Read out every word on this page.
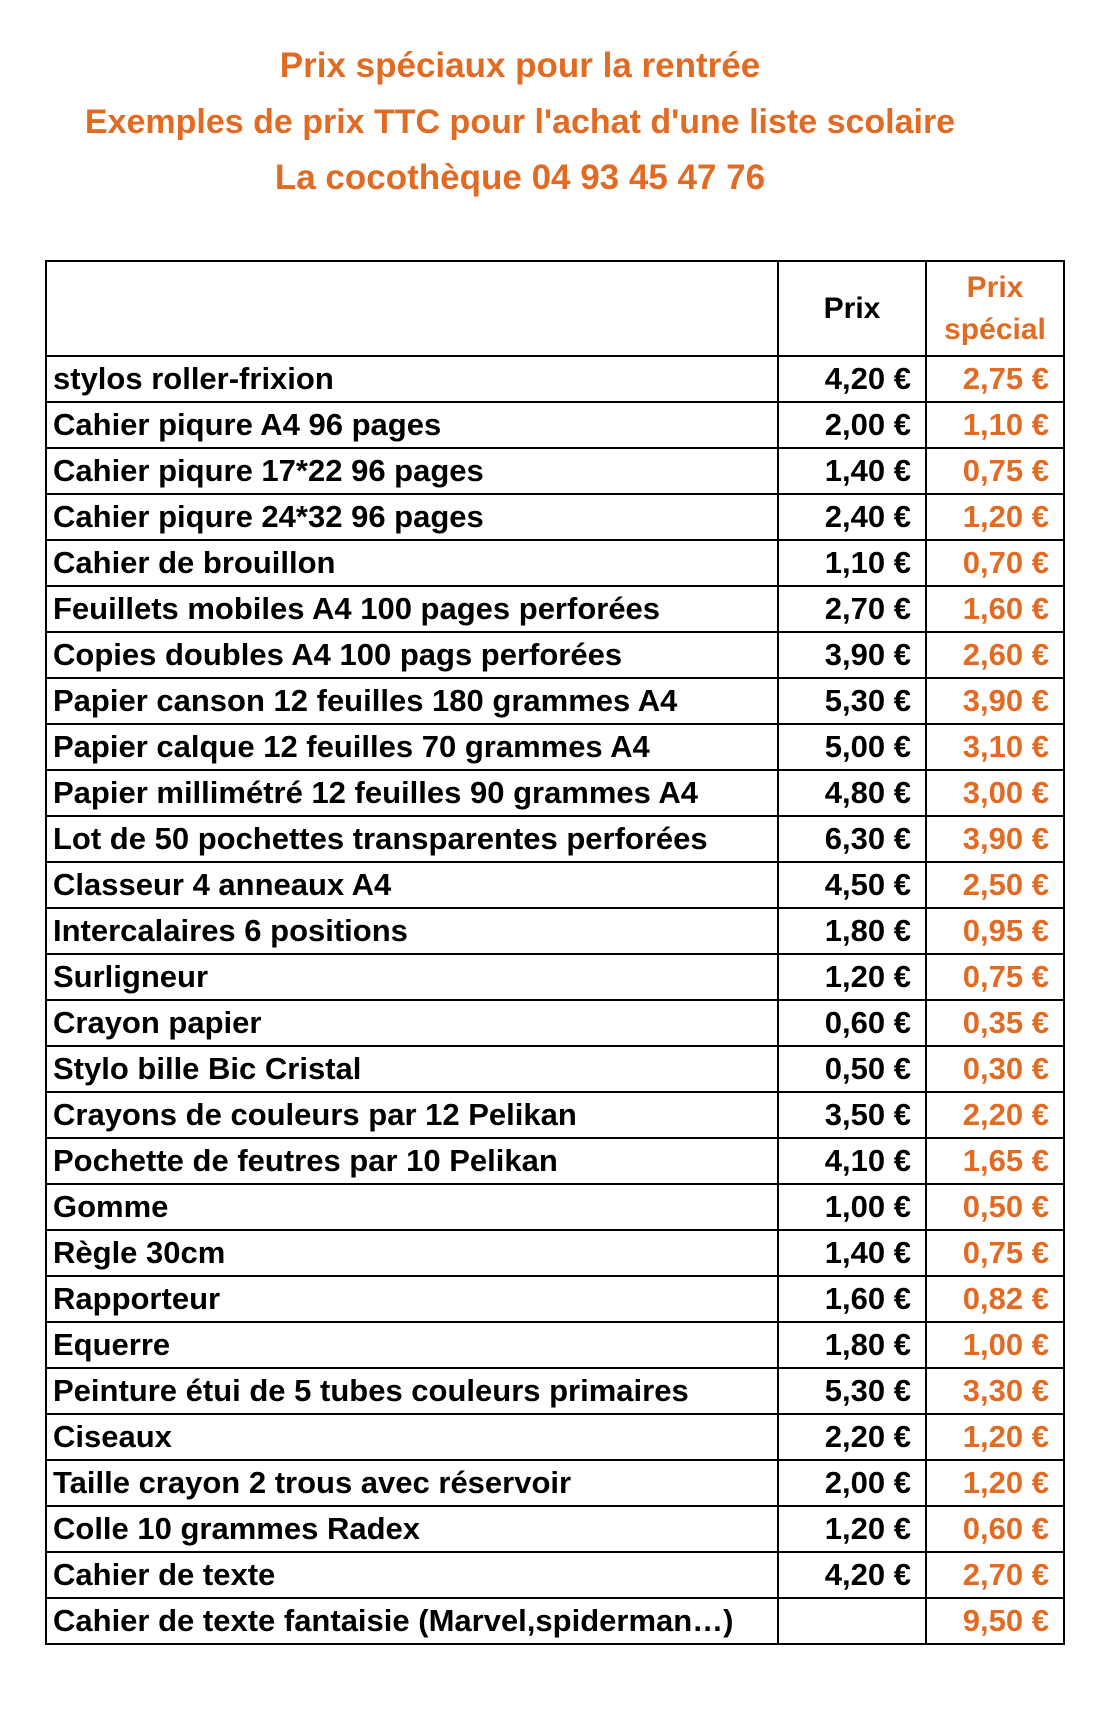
Prix spéciaux pour la rentrée
Exemples de prix TTC pour l'achat d'une liste scolaire
La cocothèque 04 93 45 47 76
	Prix	Prix
spécial
stylos roller-frixion	4,20 €	2,75 €
Cahier piqure A4 96 pages	2,00 €	1,10 €
Cahier piqure 17*22 96 pages	1,40 €	0,75 €
Cahier piqure 24*32 96 pages	2,40 €	1,20 €
Cahier de brouillon	1,10 €	0,70 €
Feuillets mobiles A4 100 pages perforées	2,70 €	1,60 €
Copies doubles A4 100 pags perforées	3,90 €	2,60 €
Papier canson 12 feuilles 180 grammes A4	5,30 €	3,90 €
Papier calque 12 feuilles 70 grammes A4	5,00 €	3,10 €
Papier millimétré 12 feuilles 90 grammes A4	4,80 €	3,00 €
Lot de 50 pochettes transparentes perforées	6,30 €	3,90 €
Classeur 4 anneaux A4	4,50 €	2,50 €
Intercalaires 6 positions	1,80 €	0,95 €
Surligneur	1,20 €	0,75 €
Crayon papier	0,60 €	0,35 €
Stylo bille Bic Cristal	0,50 €	0,30 €
Crayons de couleurs par 12 Pelikan	3,50 €	2,20 €
Pochette de feutres par 10 Pelikan	4,10 €	1,65 €
Gomme	1,00 €	0,50 €
Règle 30cm	1,40 €	0,75 €
Rapporteur	1,60 €	0,82 €
Equerre	1,80 €	1,00 €
Peinture étui de 5 tubes couleurs primaires	5,30 €	3,30 €
Ciseaux	2,20 €	1,20 €
Taille crayon 2 trous avec réservoir	2,00 €	1,20 €
Colle 10 grammes Radex	1,20 €	0,60 €
Cahier de texte	4,20 €	2,70 €
Cahier de texte fantaisie (Marvel,spiderman…)		9,50 €
